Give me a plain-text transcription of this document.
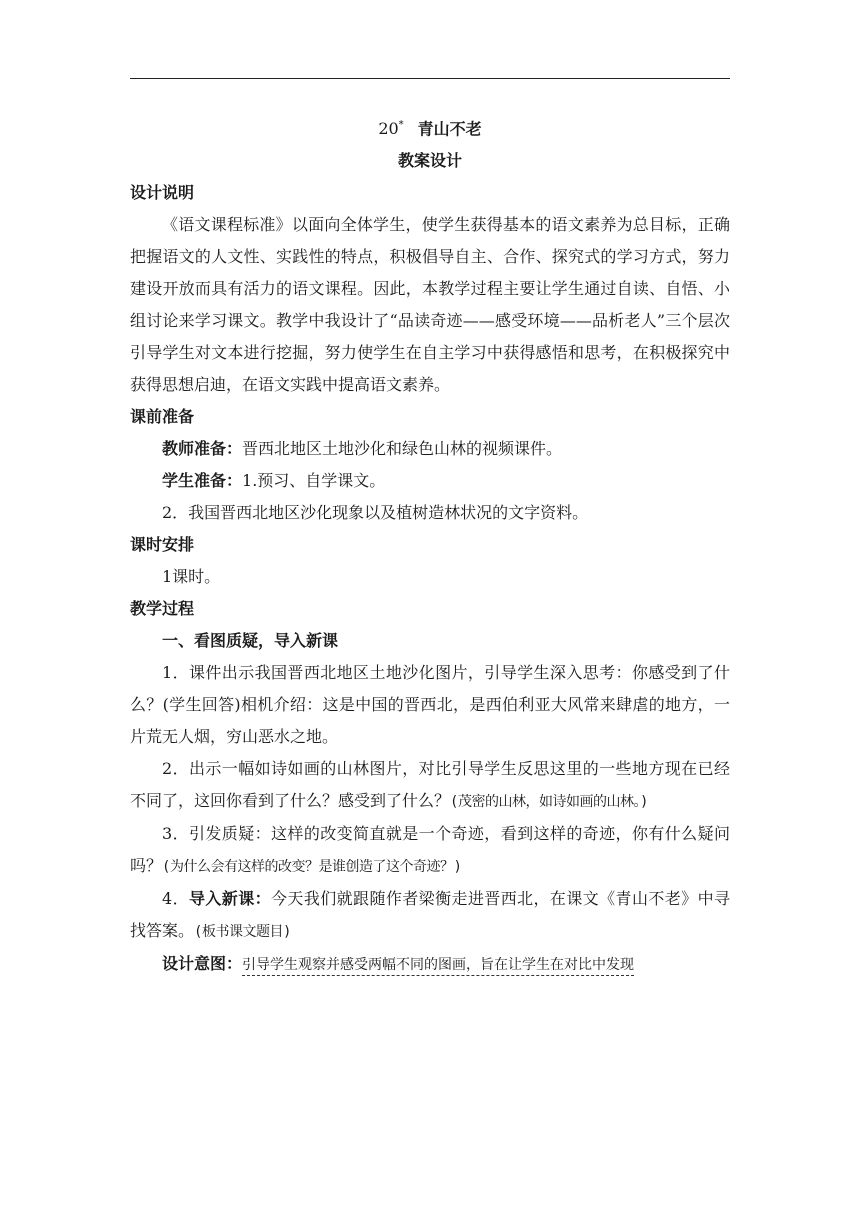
20* 青山不老
教案设计
设计说明

《语文课程标准》以面向全体学生，使学生获得基本的语文素养为总目标，正确把握语文的人文性、实践性的特点，积极倡导自主、合作、探究式的学习方式，努力建设开放而具有活力的语文课程。因此，本教学过程主要让学生通过自读、自悟、小组讨论来学习课文。教学中我设计了“品读奇迹——感受环境——品析老人”三个层次引导学生对文本进行挖掘，努力使学生在自主学习中获得感悟和思考，在积极探究中获得思想启迪，在语文实践中提高语文素养。

课前准备

教师准备：晋西北地区土地沙化和绿色山林的视频课件。

学生准备：1.预习、自学课文。

2．我国晋西北地区沙化现象以及植树造林状况的文字资料。

课时安排

1课时。

教学过程

一、看图质疑，导入新课

1．课件出示我国晋西北地区土地沙化图片，引导学生深入思考：你感受到了什么？(学生回答)相机介绍：这是中国的晋西北，是西伯利亚大风常来肆虐的地方，一片荒无人烟，穷山恶水之地。

2．出示一幅如诗如画的山林图片，对比引导学生反思这里的一些地方现在已经不同了，这回你看到了什么？感受到了什么？(茂密的山林，如诗如画的山林。)

3．引发质疑：这样的改变简直就是一个奇迹，看到这样的奇迹，你有什么疑问吗？(为什么会有这样的改变？是谁创造了这个奇迹？)

4．导入新课：今天我们就跟随作者梁衡走进晋西北，在课文《青山不老》中寻找答案。(板书课文题目)

设计意图：引导学生观察并感受两幅不同的图画，旨在让学生在对比中发现
